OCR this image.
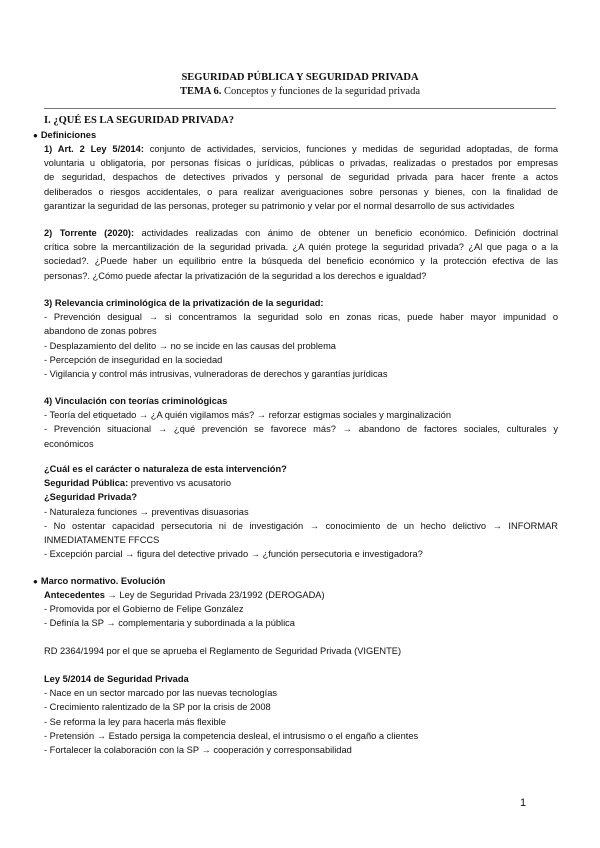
SEGURIDAD PÚBLICA Y SEGURIDAD PRIVADA
TEMA 6. Conceptos y funciones de la seguridad privada
I. ¿QUÉ ES LA SEGURIDAD PRIVADA?
● Definiciones
1) Art. 2 Ley 5/2014: conjunto de actividades, servicios, funciones y medidas de seguridad adoptadas, de forma
voluntaria u obligatoria, por personas físicas o jurídicas, públicas o privadas, realizadas o prestados por empresas
de seguridad, despachos de detectives privados y personal de seguridad privada para hacer frente a actos
deliberados o riesgos accidentales, o para realizar averiguaciones sobre personas y bienes, con la finalidad de
garantizar la seguridad de las personas, proteger su patrimonio y velar por el normal desarrollo de sus actividades
2) Torrente (2020): actividades realizadas con ánimo de obtener un beneficio económico. Definición doctrinal
crítica sobre la mercantilización de la seguridad privada. ¿A quién protege la seguridad privada? ¿Al que paga o a la
sociedad?. ¿Puede haber un equilibrio entre la búsqueda del beneficio económico y la protección efectiva de las
personas?. ¿Cómo puede afectar la privatización de la seguridad a los derechos e igualdad?
3) Relevancia criminológica de la privatización de la seguridad:
- Prevención desigual → si concentramos la seguridad solo en zonas ricas, puede haber mayor impunidad o
abandono de zonas pobres
- Desplazamiento del delito → no se incide en las causas del problema
- Percepción de inseguridad en la sociedad
- Vigilancia y control más intrusivas, vulneradoras de derechos y garantías jurídicas
4) Vinculación con teorías criminológicas
- Teoría del etiquetado → ¿A quién vigilamos más? → reforzar estigmas sociales y marginalización
- Prevención situacional → ¿qué prevención se favorece más? → abandono de factores sociales, culturales y
económicos
¿Cuál es el carácter o naturaleza de esta intervención?
Seguridad Pública: preventivo vs acusatorio
¿Seguridad Privada?
- Naturaleza funciones → preventivas disuasorias
- No ostentar capacidad persecutoria ni de investigación → conocimiento de un hecho delictivo → INFORMAR
INMEDIATAMENTE FFCCS
- Excepción parcial → figura del detective privado → ¿función persecutoria e investigadora?
● Marco normativo. Evolución
Antecedentes → Ley de Seguridad Privada 23/1992 (DEROGADA)
- Promovida por el Gobierno de Felipe González
- Definía la SP → complementaria y subordinada a la pública
RD 2364/1994 por el que se aprueba el Reglamento de Seguridad Privada (VIGENTE)
Ley 5/2014 de Seguridad Privada
- Nace en un sector marcado por las nuevas tecnologías
- Crecimiento ralentizado de la SP por la crisis de 2008
- Se reforma la ley para hacerla más flexible
- Pretensión → Estado persiga la competencia desleal, el intrusismo o el engaño a clientes
- Fortalecer la colaboración con la SP → cooperación y corresponsabilidad
1
